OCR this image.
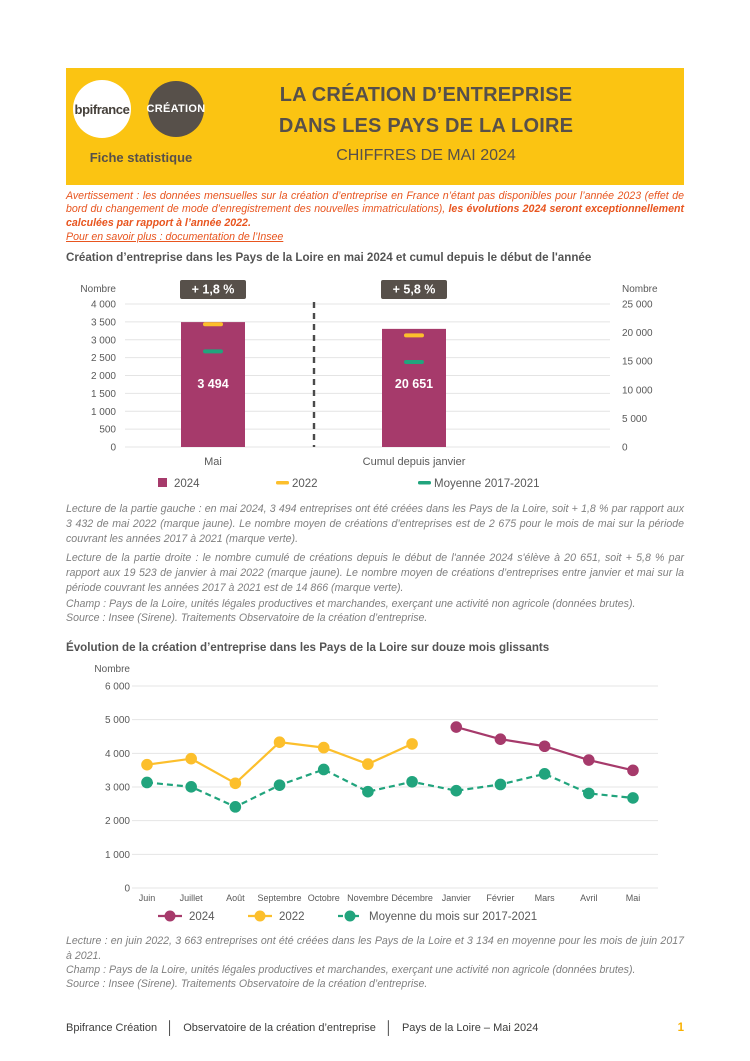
bpifrance CRÉATION
Fiche statistique
LA CRÉATION D’ENTREPRISE
DANS LES PAYS DE LA LOIRE
CHIFFRES DE MAI 2024

Avertissement : les données mensuelles sur la création d’entreprise en France n’étant pas disponibles pour l’année 2023 (effet de bord du changement de mode d’enregistrement des nouvelles immatriculations), les évolutions 2024 seront exceptionnellement calculées par rapport à l’année 2022.

Pour en savoir plus : documentation de l’Insee
Création d’entreprise dans les Pays de la Loire en mai 2024 et cumul depuis le début de l'année
0
500
1 000
1 500
2 000
2 500
3 000
3 500
4 000
0
5 000
10 000
15 000
20 000
25 000
Nombre	Nombre
+ 1,8 %
3 494
Mai
+ 5,8 %
20 651
Cumul depuis janvier
2024	2022	Moyenne 2017-2021

Lecture de la partie gauche : en mai 2024, 3 494 entreprises ont été créées dans les Pays de la Loire, soit + 1,8 % par rapport aux 3 432 de mai 2022 (marque jaune). Le nombre moyen de créations d’entreprises est de 2 675 pour le mois de mai sur la période couvrant les années 2017 à 2021 (marque verte).

Lecture de la partie droite : le nombre cumulé de créations depuis le début de l'année 2024 s'élève à 20 651, soit + 5,8 % par rapport aux 19 523 de janvier à mai 2022 (marque jaune). Le nombre moyen de créations d’entreprises entre janvier et mai sur la période couvrant les années 2017 à 2021 est de 14 866 (marque verte).

Champ : Pays de la Loire, unités légales productives et marchandes, exerçant une activité non agricole (données brutes).

Source : Insee (Sirene). Traitements Observatoire de la création d’entreprise.

Évolution de la création d’entreprise dans les Pays de la Loire sur douze mois glissants
0
1 000
2 000
3 000
4 000
5 000
6 000
Nombre
Juin	Juillet	Août Septembre Octobre Novembre Décembre Janvier Février Mars	Avril	Mai
2024	2022	Moyenne du mois sur 2017-2021

Lecture : en juin 2022, 3 663 entreprises ont été créées dans les Pays de la Loire et 3 134 en moyenne pour les mois de juin 2017 à 2021.

Champ : Pays de la Loire, unités légales productives et marchandes, exerçant une activité non agricole (données brutes).

Source : Insee (Sirene). Traitements Observatoire de la création d’entreprise.

Bpifrance Création │ Observatoire de la création d’entreprise │ Pays de la Loire – Mai 2024	1
